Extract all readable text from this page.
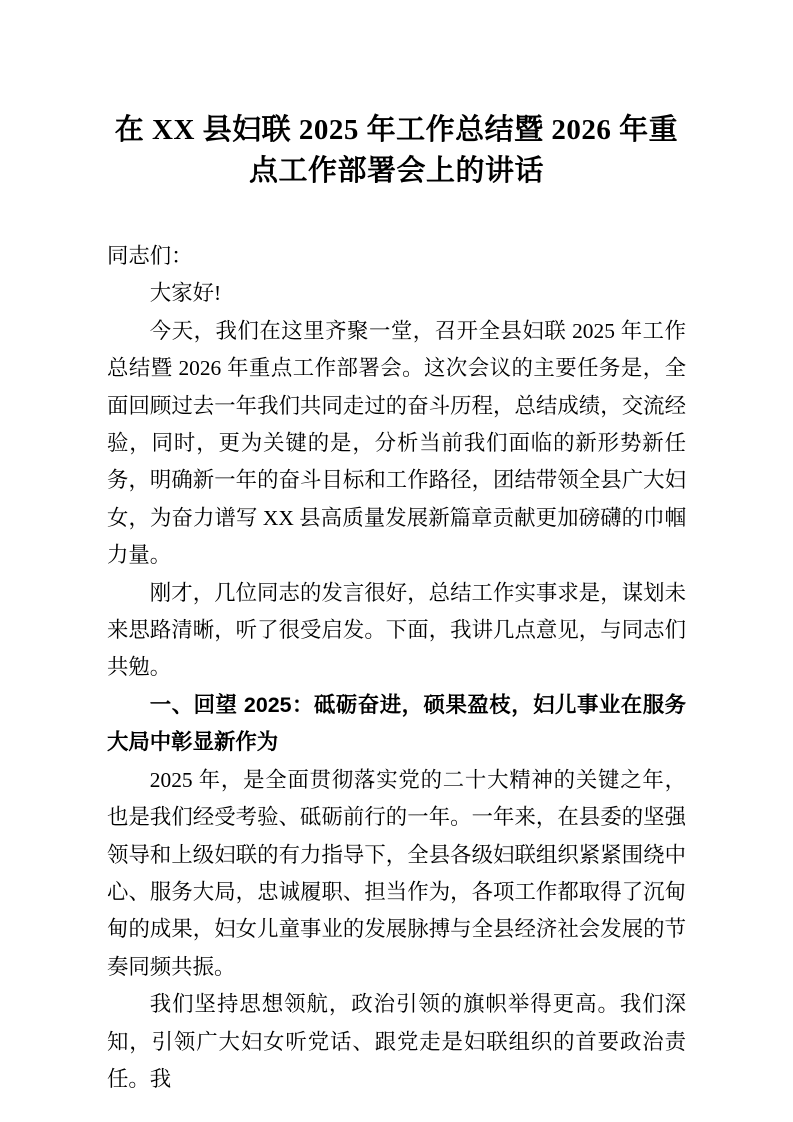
在 XX 县妇联 2025 年工作总结暨 2026 年重点工作部署会上的讲话

同志们：

大家好!

今天，我们在这里齐聚一堂，召开全县妇联 2025 年工作总结暨 2026 年重点工作部署会。这次会议的主要任务是，全面回顾过去一年我们共同走过的奋斗历程，总结成绩，交流经验，同时，更为关键的是，分析当前我们面临的新形势新任务，明确新一年的奋斗目标和工作路径，团结带领全县广大妇女，为奋力谱写 XX 县高质量发展新篇章贡献更加磅礴的巾帼力量。

刚才，几位同志的发言很好，总结工作实事求是，谋划未来思路清晰，听了很受启发。下面，我讲几点意见，与同志们共勉。

一、回望 2025：砥砺奋进，硕果盈枝，妇儿事业在服务大局中彰显新作为

2025 年，是全面贯彻落实党的二十大精神的关键之年，也是我们经受考验、砥砺前行的一年。一年来，在县委的坚强领导和上级妇联的有力指导下，全县各级妇联组织紧紧围绕中心、服务大局，忠诚履职、担当作为，各项工作都取得了沉甸甸的成果，妇女儿童事业的发展脉搏与全县经济社会发展的节奏同频共振。

我们坚持思想领航，政治引领的旗帜举得更高。我们深知，引领广大妇女听党话、跟党走是妇联组织的首要政治责任。我
